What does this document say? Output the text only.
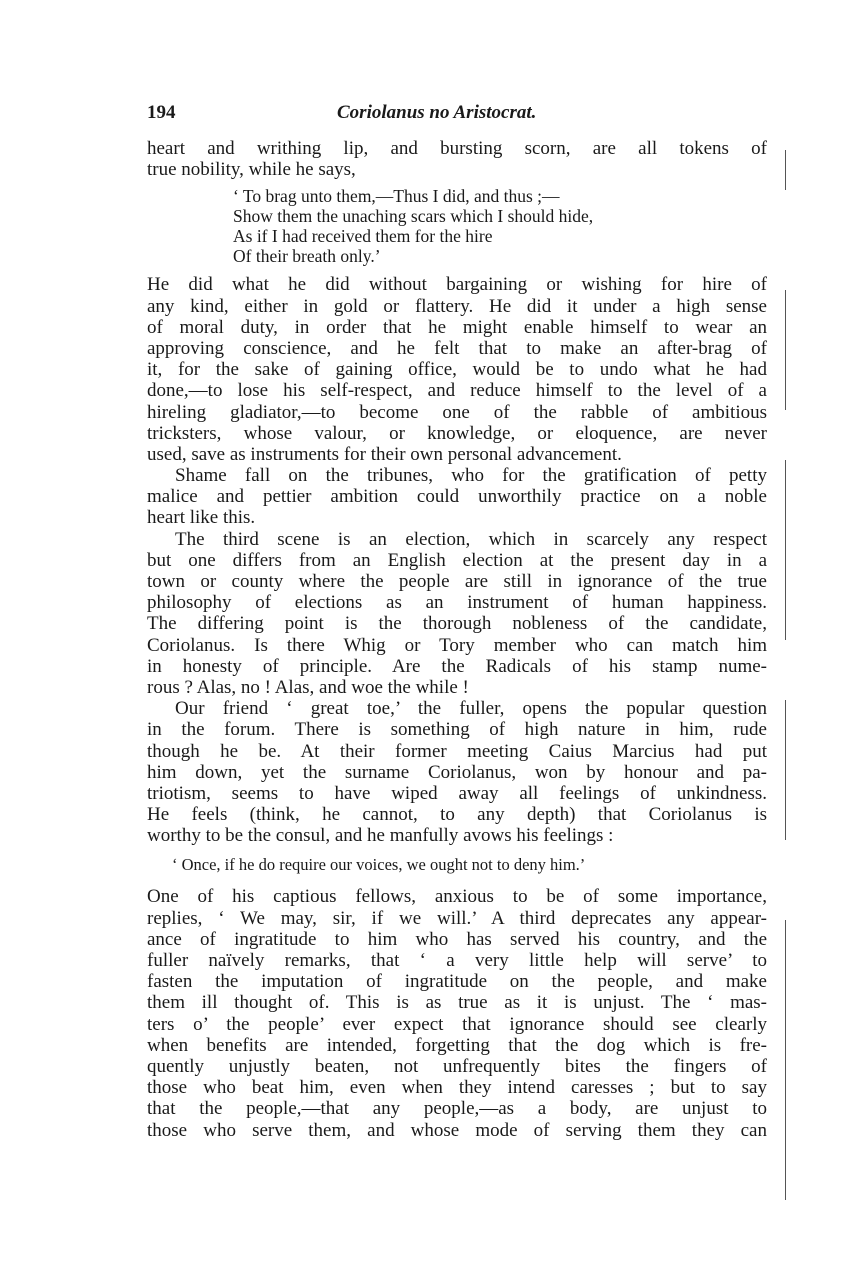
194	Coriolanus no Aristocrat.
heart and writhing lip, and bursting scorn, are all tokens of
true nobility, while he says,
‘ To brag unto them,—Thus I did, and thus ;—
Show them the unaching scars which I should hide,
As if I had received them for the hire
Of their breath only.’
He did what he did without bargaining or wishing for hire of
any kind, either in gold or flattery. He did it under a high sense
of moral duty, in order that he might enable himself to wear an
approving conscience, and he felt that to make an after-brag of
it, for the sake of gaining office, would be to undo what he had
done,—to lose his self-respect, and reduce himself to the level of a
hireling gladiator,—to become one of the rabble of ambitious
tricksters, whose valour, or knowledge, or eloquence, are never
used, save as instruments for their own personal advancement.
Shame fall on the tribunes, who for the gratification of petty
malice and pettier ambition could unworthily practice on a noble
heart like this.
The third scene is an election, which in scarcely any respect
but one differs from an English election at the present day in a
town or county where the people are still in ignorance of the true
philosophy of elections as an instrument of human happiness.
The differing point is the thorough nobleness of the candidate,
Coriolanus. Is there Whig or Tory member who can match him
in honesty of principle. Are the Radicals of his stamp nume-
rous ? Alas, no ! Alas, and woe the while !
Our friend ‘ great toe,’ the fuller, opens the popular question
in the forum. There is something of high nature in him, rude
though he be. At their former meeting Caius Marcius had put
him down, yet the surname Coriolanus, won by honour and pa-
triotism, seems to have wiped away all feelings of unkindness.
He feels (think, he cannot, to any depth) that Coriolanus is
worthy to be the consul, and he manfully avows his feelings :
‘ Once, if he do require our voices, we ought not to deny him.’
One of his captious fellows, anxious to be of some importance,
replies, ‘ We may, sir, if we will.’ A third deprecates any appear-
ance of ingratitude to him who has served his country, and the
fuller naïvely remarks, that ‘ a very little help will serve’ to
fasten the imputation of ingratitude on the people, and make
them ill thought of. This is as true as it is unjust. The ‘ mas-
ters o’ the people’ ever expect that ignorance should see clearly
when benefits are intended, forgetting that the dog which is fre-
quently unjustly beaten, not unfrequently bites the fingers of
those who beat him, even when they intend caresses ; but to say
that the people,—that any people,—as a body, are unjust to
those who serve them, and whose mode of serving them they can
